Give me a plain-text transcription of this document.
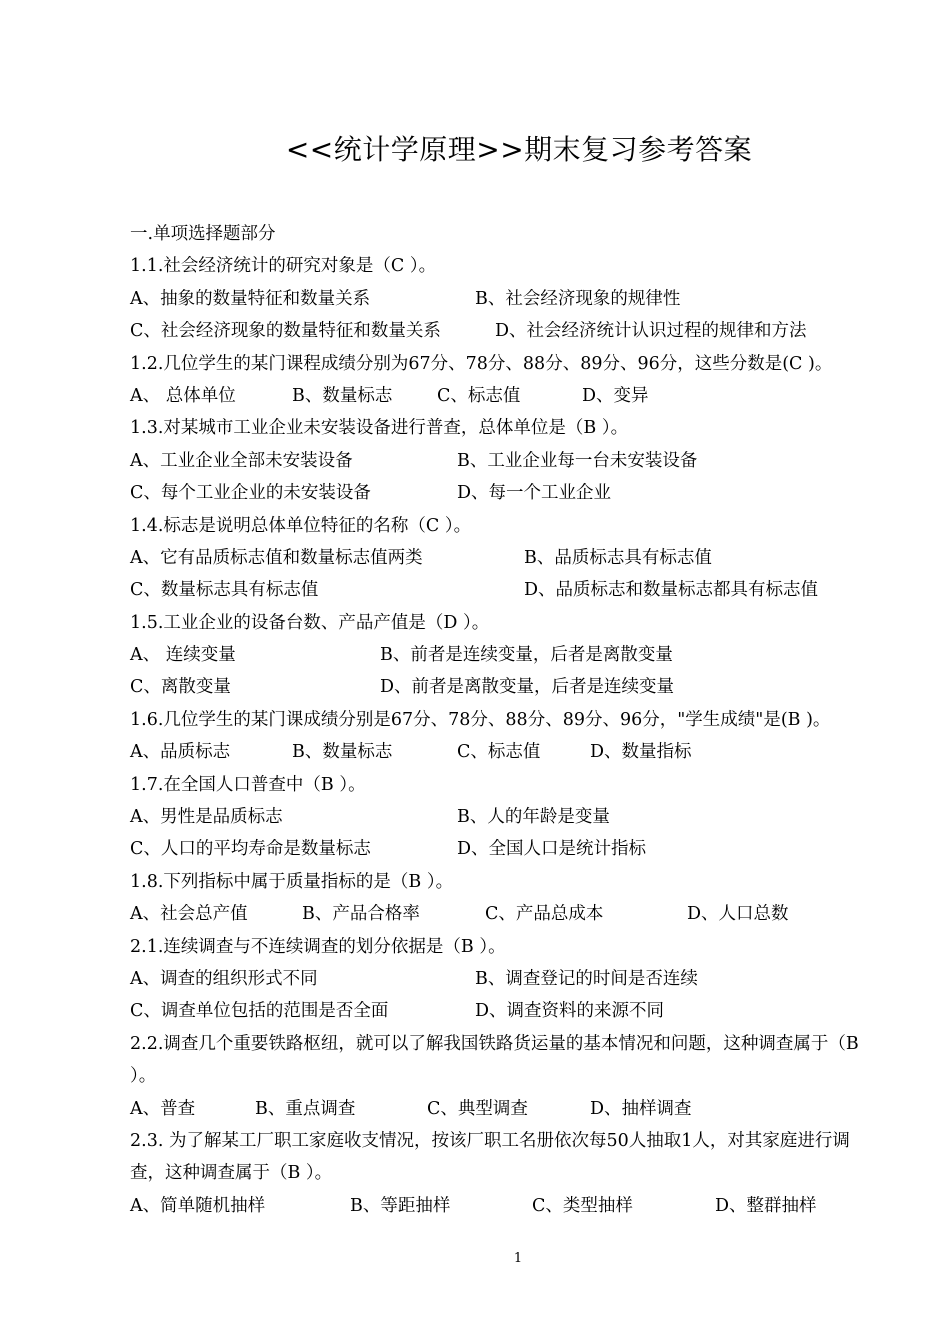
<<统计学原理>>期末复习参考答案
一.单项选择题部分
1.1.社会经济统计的研究对象是（C ）。
A、抽象的数量特征和数量关系	B、社会经济现象的规律性
C、社会经济现象的数量特征和数量关系	D、社会经济统计认识过程的规律和方法
1.2.几位学生的某门课程成绩分别为67分、78分、88分、89分、96分，这些分数是(C )。
A、 总体单位	B、数量标志	C、标志值	D、变异
1.3.对某城市工业企业未安装设备进行普查，总体单位是（B ）。
A、工业企业全部未安装设备	B、工业企业每一台未安装设备
C、每个工业企业的未安装设备	D、每一个工业企业
1.4.标志是说明总体单位特征的名称（C ）。
A、它有品质标志值和数量标志值两类	B、品质标志具有标志值
C、数量标志具有标志值	D、品质标志和数量标志都具有标志值
1.5.工业企业的设备台数、产品产值是（D ）。
A、 连续变量	B、前者是连续变量，后者是离散变量
C、离散变量	D、前者是离散变量，后者是连续变量
1.6.几位学生的某门课成绩分别是67分、78分、88分、89分、96分，"学生成绩"是(B )。
A、品质标志	B、数量标志	C、标志值	D、数量指标
1.7.在全国人口普查中（B ）。
A、男性是品质标志	B、人的年龄是变量
C、人口的平均寿命是数量标志	D、全国人口是统计指标
1.8.下列指标中属于质量指标的是（B ）。
A、社会总产值	B、产品合格率	C、产品总成本	D、人口总数
2.1.连续调查与不连续调查的划分依据是（B ）。
A、调查的组织形式不同	B、调查登记的时间是否连续
C、调查单位包括的范围是否全面	D、调查资料的来源不同
2.2.调查几个重要铁路枢纽，就可以了解我国铁路货运量的基本情况和问题，这种调查属于（B ）。
A、普查	B、重点调查	C、典型调查	D、抽样调查
2.3. 为了解某工厂职工家庭收支情况，按该厂职工名册依次每50人抽取1人，对其家庭进行调查，这种调查属于（B ）。
A、简单随机抽样	B、等距抽样	C、类型抽样	D、整群抽样
1
